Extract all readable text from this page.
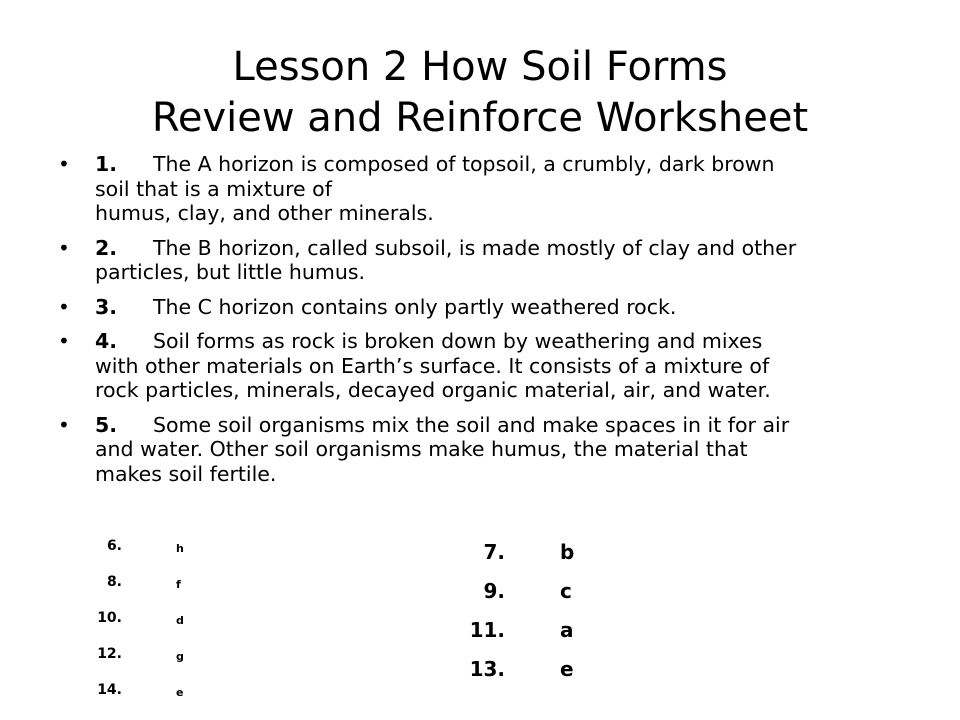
Lesson 2 How Soil Forms
Review and Reinforce Worksheet
• 1. The A horizon is composed of topsoil, a crumbly, dark brown
soil that is a mixture of
humus, clay, and other minerals.
• 2. The B horizon, called subsoil, is made mostly of clay and other
particles, but little humus.
• 3. The C horizon contains only partly weathered rock.
• 4. Soil forms as rock is broken down by weathering and mixes
with other materials on Earth’s surface. It consists of a mixture of
rock particles, minerals, decayed organic material, air, and water.
• 5. Some soil organisms mix the soil and make spaces in it for air
and water. Other soil organisms make humus, the material that
makes soil fertile.
6.	h
8.	f
10.	d
12.	g
14.	e
7.	b
9.	c
11.	a
13.	e
